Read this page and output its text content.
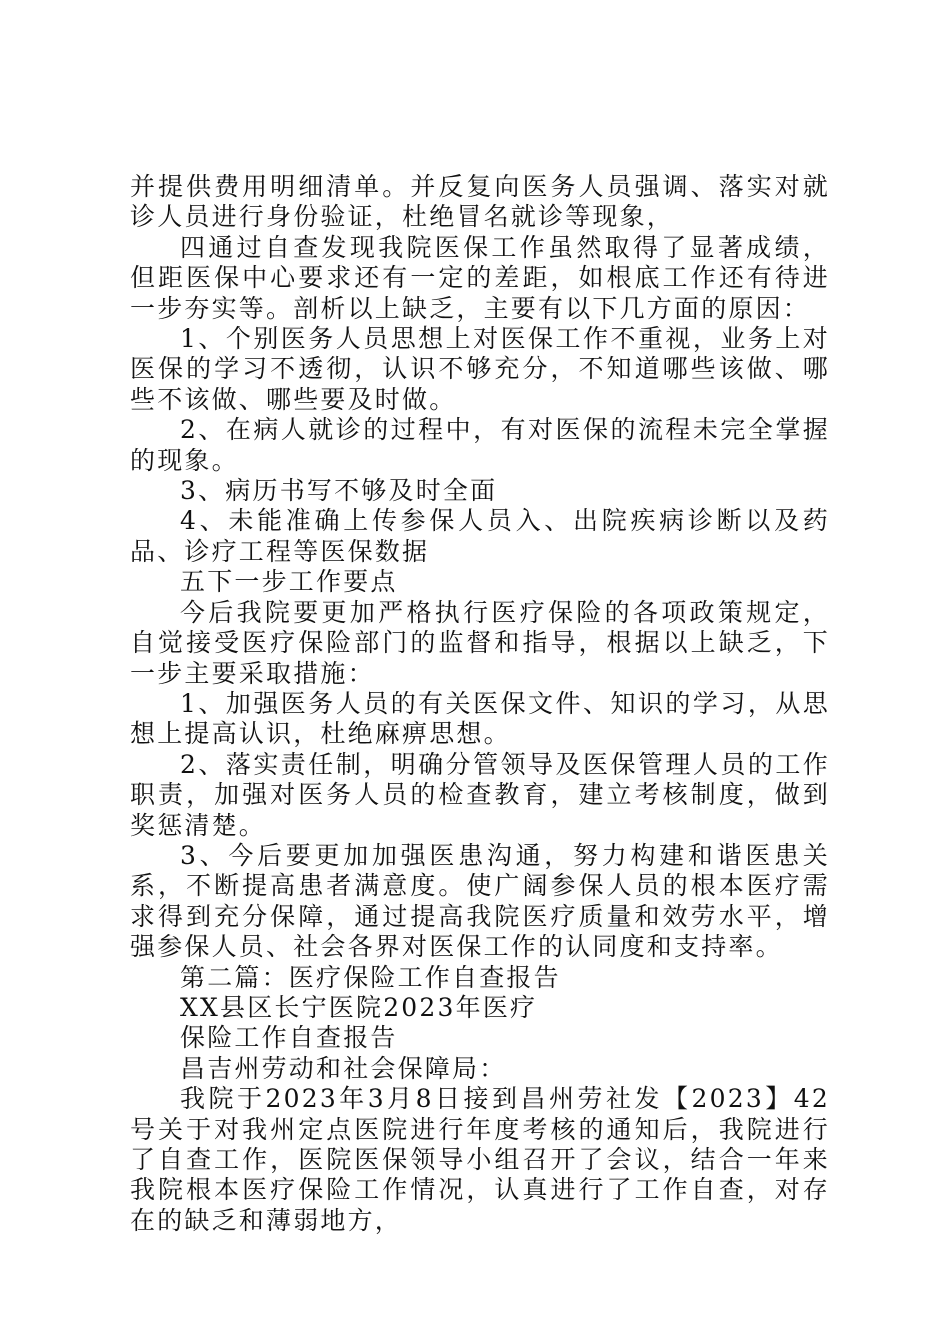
并提供费用明细清单。并反复向医务人员强调、落实对就诊人员进行身份验证，杜绝冒名就诊等现象，

四通过自查发现我院医保工作虽然取得了显著成绩，但距医保中心要求还有一定的差距，如根底工作还有待进一步夯实等。剖析以上缺乏，主要有以下几方面的原因：

1、个别医务人员思想上对医保工作不重视，业务上对医保的学习不透彻，认识不够充分，不知道哪些该做、哪些不该做、哪些要及时做。

2、在病人就诊的过程中，有对医保的流程未完全掌握的现象。

3、病历书写不够及时全面

4、未能准确上传参保人员入、出院疾病诊断以及药品、诊疗工程等医保数据

五下一步工作要点

今后我院要更加严格执行医疗保险的各项政策规定，自觉接受医疗保险部门的监督和指导，根据以上缺乏，下一步主要采取措施：

1、加强医务人员的有关医保文件、知识的学习，从思想上提高认识，杜绝麻痹思想。

2、落实责任制，明确分管领导及医保管理人员的工作职责，加强对医务人员的检查教育，建立考核制度，做到奖惩清楚。

3、今后要更加加强医患沟通，努力构建和谐医患关系，不断提高患者满意度。使广阔参保人员的根本医疗需求得到充分保障，通过提高我院医疗质量和效劳水平，增强参保人员、社会各界对医保工作的认同度和支持率。

第二篇：医疗保险工作自查报告

XX县区长宁医院2023年医疗

保险工作自查报告

昌吉州劳动和社会保障局：

我院于2023年3月8日接到昌州劳社发【2023】42号关于对我州定点医院进行年度考核的通知后，我院进行了自查工作，医院医保领导小组召开了会议，结合一年来我院根本医疗保险工作情况，认真进行了工作自查，对存在的缺乏和薄弱地方，
